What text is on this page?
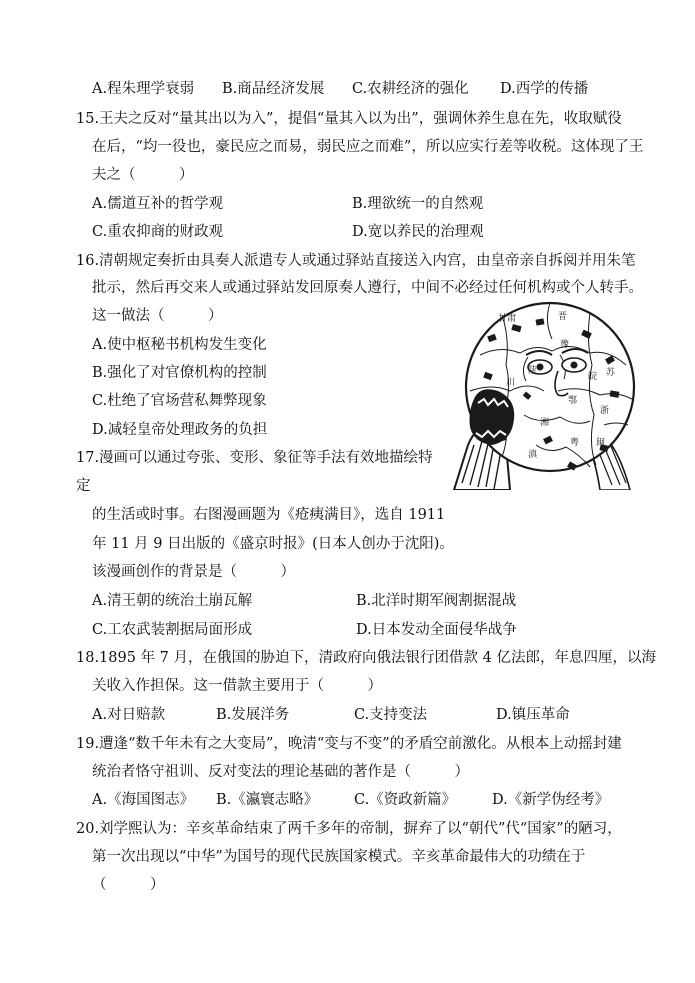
A.程朱理学衰弱 B.商品经济发展 C.农耕经济的强化 D.西学的传播
15.王夫之反对“量其出以为入”，提倡“量其入以为出”，强调休养生息在先，收取赋役
在后，“均一役也，豪民应之而易，弱民应之而难”，所以应实行差等收税。这体现了王
夫之（　　　）
A.儒道互补的哲学观	B.理欲统一的自然观
C.重农抑商的财政观	D.宽以养民的治理观
16.清朝规定奏折由具奏人派遣专人或通过驿站直接送入内宫，由皇帝亲自拆阅并用朱笔
批示，然后再交来人或通过驿站发回原奏人遵行，中间不必经过任何机构或个人转手。
这一做法（　　　）
A.使中枢秘书机构发生变化
B.强化了对官僚机构的控制
C.杜绝了官场营私舞弊现象
D.减轻皇帝处理政务的负担
17.漫画可以通过夸张、变形、象征等手法有效地描绘特
定
的生活或时事。右图漫画题为《疮痍满目》，选自 1911
年 11 月 9 日出版的《盛京时报》(日本人创办于沈阳)。
该漫画创作的背景是（　　　）
A.清王朝的统治土崩瓦解	B.北洋时期军阀割据混战
C.工农武装割据局面形成	D.日本发动全面侵华战争
18.1895 年 7 月，在俄国的胁迫下，清政府向俄法银行团借款 4 亿法郎，年息四厘，以海
关收入作担保。这一借款主要用于（　　　）
A.对日赔款	B.发展洋务	C.支持变法	D.镇压革命
19.遭逢“数千年未有之大变局”，晚清“变与不变”的矛盾空前激化。从根本上动摇封建
统治者恪守祖训、反对变法的理论基础的著作是（　　　）
A.《海国图志》 B.《瀛寰志略》 C.《资政新篇》 D.《新学伪经考》
20.刘学熙认为：辛亥革命结束了两千多年的帝制，摒弃了以“朝代”代“国家”的陋习，
第一次出现以“中华”为国号的现代民族国家模式。辛亥革命最伟大的功绩在于
（　　　）
甘肃	晋
陕
川
豫
皖 苏
鄂
湘
浙
闽
粤
滇
